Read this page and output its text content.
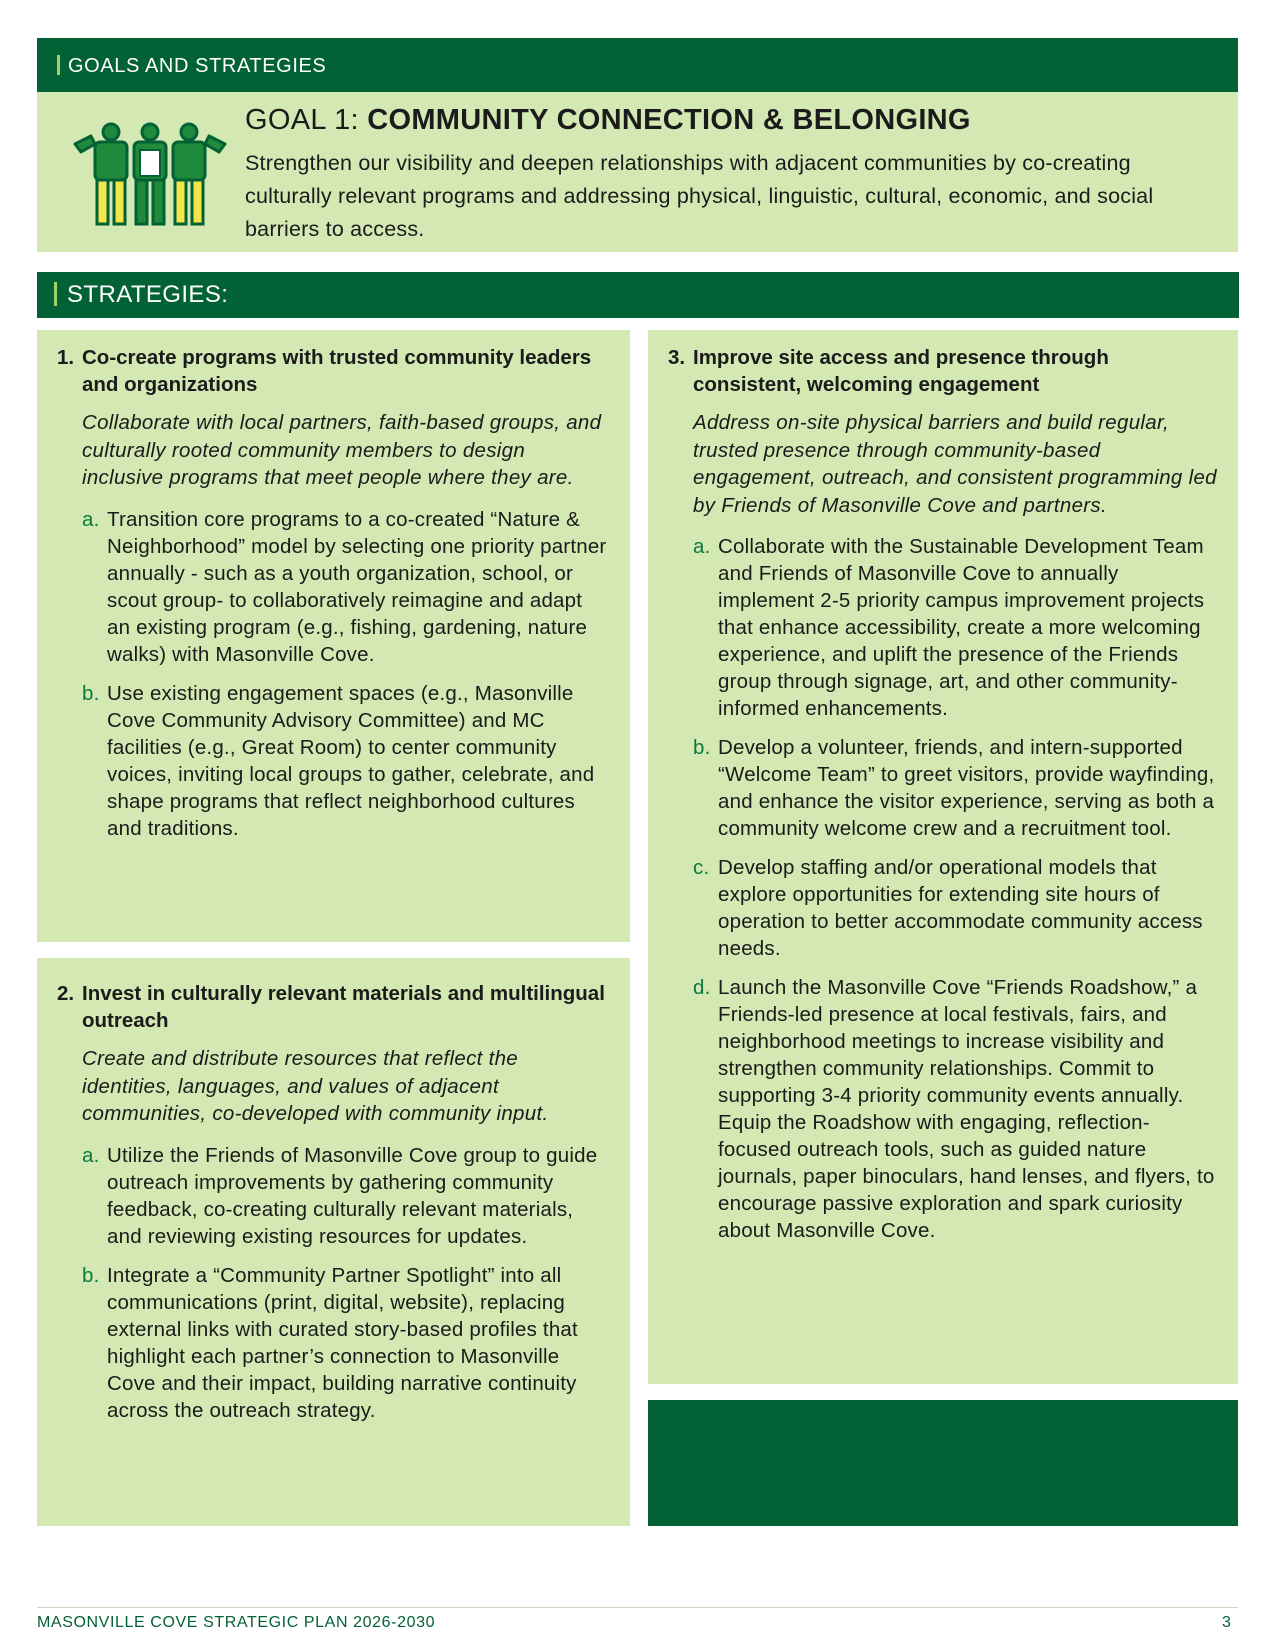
GOALS AND STRATEGIES
GOAL 1: COMMUNITY CONNECTION & BELONGING
Strengthen our visibility and deepen relationships with adjacent communities by co-creating culturally relevant programs and addressing physical, linguistic, cultural, economic, and social barriers to access.
STRATEGIES:
1. Co-create programs with trusted community leaders and organizations
Collaborate with local partners, faith-based groups, and culturally rooted community members to design inclusive programs that meet people where they are.
a. Transition core programs to a co-created “Nature & Neighborhood” model by selecting one priority partner annually - such as a youth organization, school, or scout group- to collaboratively reimagine and adapt an existing program (e.g., fishing, gardening, nature walks) with Masonville Cove.
b. Use existing engagement spaces (e.g., Masonville Cove Community Advisory Committee) and MC facilities (e.g., Great Room) to center community voices, inviting local groups to gather, celebrate, and shape programs that reflect neighborhood cultures and traditions.
2. Invest in culturally relevant materials and multilingual outreach
Create and distribute resources that reflect the identities, languages, and values of adjacent communities, co-developed with community input.
a. Utilize the Friends of Masonville Cove group to guide outreach improvements by gathering community feedback, co-creating culturally relevant materials, and reviewing existing resources for updates.
b. Integrate a “Community Partner Spotlight” into all communications (print, digital, website), replacing external links with curated story-based profiles that highlight each partner’s connection to Masonville Cove and their impact, building narrative continuity across the outreach strategy.
3. Improve site access and presence through consistent, welcoming engagement
Address on-site physical barriers and build regular, trusted presence through community-based engagement, outreach, and consistent programming led by Friends of Masonville Cove and partners.
a. Collaborate with the Sustainable Development Team and Friends of Masonville Cove to annually implement 2-5 priority campus improvement projects that enhance accessibility, create a more welcoming experience, and uplift the presence of the Friends group through signage, art, and other community-informed enhancements.
b. Develop a volunteer, friends, and intern-supported “Welcome Team” to greet visitors, provide wayfinding, and enhance the visitor experience, serving as both a community welcome crew and a recruitment tool.
c. Develop staffing and/or operational models that explore opportunities for extending site hours of operation to better accommodate community access needs.
d. Launch the Masonville Cove “Friends Roadshow,” a Friends-led presence at local festivals, fairs, and neighborhood meetings to increase visibility and strengthen community relationships. Commit to supporting 3-4 priority community events annually. Equip the Roadshow with engaging, reflection-focused outreach tools, such as guided nature journals, paper binoculars, hand lenses, and flyers, to encourage passive exploration and spark curiosity about Masonville Cove.
MASONVILLE COVE STRATEGIC PLAN 2026-2030	3
